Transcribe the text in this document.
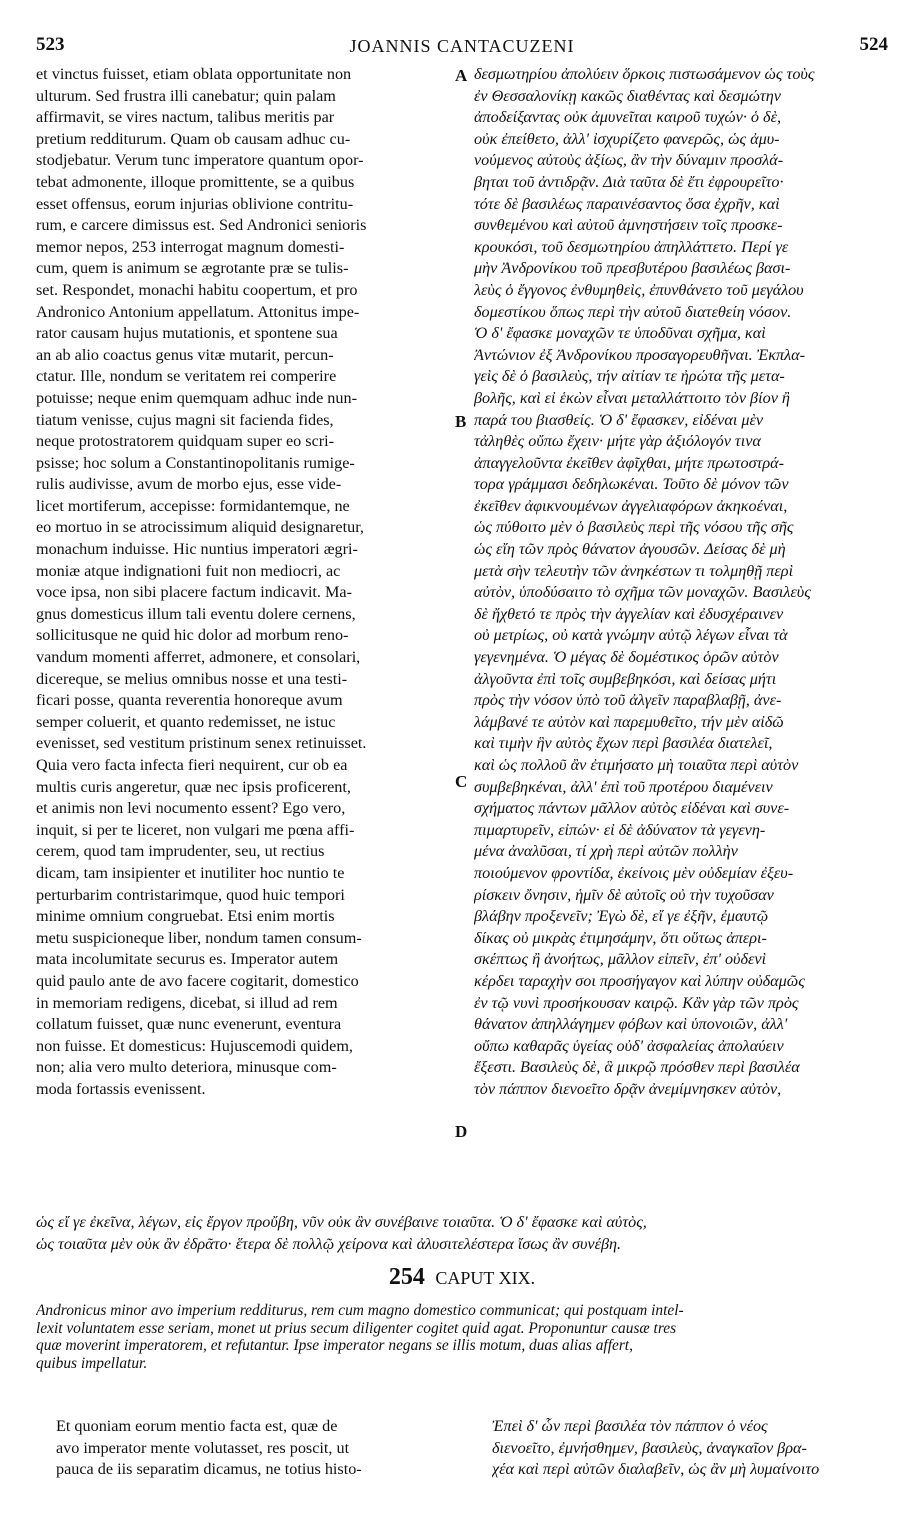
523	JOANNIS CANTACUZENI	524
et vinctus fuisset, etiam oblata opportunitate non
ulturum. Sed frustra illi canebatur; quin palam
affirmavit, se vires nactum, talibus meritis par
pretium redditurum. Quam ob causam adhuc cu-
stodjebatur. Verum tunc imperatore quantum opor-
tebat admonente, illoque promittente, se a quibus
esset offensus, eorum injurias oblivione contritu-
rum, e carcere dimissus est. Sed Andronici senioris
memor nepos, 253 interrogat magnum domesti-
cum, quem is animum se ægrotante præ se tulis-
set. Respondet, monachi habitu coopertum, et pro
Andronico Antonium appellatum. Attonitus impe-
rator causam hujus mutationis, et spontene sua
an ab alio coactus genus vitæ mutarit, percun-
ctatur. Ille, nondum se veritatem rei comperire
potuisse; neque enim quemquam adhuc inde nun-
tiatum venisse, cujus magni sit facienda fides,
neque protostratorem quidquam super eo scri-
psisse; hoc solum a Constantinopolitanis rumige-
rulis audivisse, avum de morbo ejus, esse vide-
licet mortiferum, accepisse: formidantemque, ne
eo mortuo in se atrocissimum aliquid designaretur,
monachum induisse. Hic nuntius imperatori ægri-
moniæ atque indignationi fuit non mediocri, ac
voce ipsa, non sibi placere factum indicavit. Ma-
gnus domesticus illum tali eventu dolere cernens,
sollicitusque ne quid hic dolor ad morbum reno-
vandum momenti afferret, admonere, et consolari,
dicereque, se melius omnibus nosse et una testi-
ficari posse, quanta reverentia honoreque avum
semper coluerit, et quanto redemisset, ne istuc
evenisset, sed vestitum pristinum senex retinuisset.
Quia vero facta infecta fieri nequirent, cur ob ea
multis curis angeretur, quæ nec ipsis proficerent,
et animis non levi nocumento essent? Ego vero,
inquit, si per te liceret, non vulgari me pœna affi-
cerem, quod tam imprudenter, seu, ut rectius
dicam, tam insipienter et inutiliter hoc nuntio te
perturbarim contristarimque, quod huic tempori
minime omnium congruebat. Etsi enim mortis
metu suspicioneque liber, nondum tamen consum-
mata incolumitate securus es. Imperator autem
quid paulo ante de avo facere cogitarit, domestico
in memoriam redigens, dicebat, si illud ad rem
collatum fuisset, quæ nunc evenerunt, eventura
non fuisse. Et domesticus: Hujuscemodi quidem,
non; alia vero multo deteriora, minusque com-
moda fortassis evenissent.
δεσμωτηρίου ἀπολύειν ὅρκοις πιστωσάμενον ὡς τοὺς
ἐν Θεσσαλονίκῃ κακῶς διαθέντας καὶ δεσμώτην
ἀποδείξαντας οὐκ ἀμυνεῖται καιροῦ τυχών· ὁ δὲ,
οὐκ ἐπείθετο, ἀλλ' ἰσχυρίζετο φανερῶς, ὡς ἀμυ-
νούμενος αὐτοὺς ἀξίως, ἂν τὴν δύναμιν προσλά-
βηται τοῦ ἀντιδρᾷν. Διὰ ταῦτα δὲ ἔτι ἐφρουρεῖτο·
τότε δὲ βασιλέως παραινέσαντος ὅσα ἐχρῆν, καὶ
συνθεμένου καὶ αὐτοῦ ἀμνηστήσειν τοῖς προσκε-
κρουκόσι, τοῦ δεσμωτηρίου ἀπηλλάττετο. Περί γε
μὴν Ἀνδρονίκου τοῦ πρεσβυτέρου βασιλέως βασι-
λεὺς ὁ ἔγγονος ἐνθυμηθεὶς, ἐπυνθάνετο τοῦ μεγάλου
δομεστίκου ὅπως περὶ τὴν αὐτοῦ διατεθείη νόσον.
Ὁ δ' ἔφασκε μοναχῶν τε ὑποδῦναι σχῆμα, καὶ
Ἀντώνιον ἐξ Ἀνδρονίκου προσαγορευθῆναι. Ἐκπλα-
γεὶς δὲ ὁ βασιλεὺς, τήν αἰτίαν τε ἠρώτα τῆς μετα-
βολῆς, καὶ εἰ ἑκὼν εἶναι μεταλλάττοιτο τὸν βίον ἢ
παρά του βιασθείς. Ὁ δ' ἔφασκεν, εἰδέναι μὲν
τἀληθὲς οὔπω ἔχειν· μήτε γὰρ ἀξιόλογόν τινα
ἀπαγγελοῦντα ἐκεῖθεν ἀφῖχθαι, μήτε πρωτοστρά-
τορα γράμμασι δεδηλωκέναι. Τοῦτο δὲ μόνον τῶν
ἐκεῖθεν ἀφικνουμένων ἀγγελιαφόρων ἀκηκοέναι,
ὡς πύθοιτο μὲν ὁ βασιλεὺς περὶ τῆς νόσου τῆς σῆς
ὡς εἴη τῶν πρὸς θάνατον ἀγουσῶν. Δείσας δὲ μὴ
μετὰ σὴν τελευτὴν τῶν ἀνηκέστων τι τολμηθῇ περὶ
αὐτὸν, ὑποδύσαιτο τὸ σχῆμα τῶν μοναχῶν. Βασιλεὺς
δὲ ἤχθετό τε πρὸς τὴν ἀγγελίαν καὶ ἐδυσχέραινεν
οὐ μετρίως, οὐ κατὰ γνώμην αὐτῷ λέγων εἶναι τὰ
γεγενημένα. Ὁ μέγας δὲ δομέστικος ὁρῶν αὐτὸν
ἀλγοῦντα ἐπὶ τοῖς συμβεβηκόσι, καὶ δείσας μήτι
πρὸς τὴν νόσον ὑπὸ τοῦ ἀλγεῖν παραβλαβῇ, ἀνε-
λάμβανέ τε αὐτὸν καὶ παρεμυθεῖτο, τήν μὲν αἰδῶ
καὶ τιμὴν ἣν αὐτὸς ἔχων περὶ βασιλέα διατελεῖ,
καὶ ὡς πολλοῦ ἂν ἐτιμήσατο μὴ τοιαῦτα περὶ αὐτὸν
συμβεβηκέναι, ἀλλ' ἐπὶ τοῦ προτέρου διαμένειν
σχήματος πάντων μᾶλλον αὐτὸς εἰδέναι καὶ συνε-
πιμαρτυρεῖν, εἰπών· εἰ δὲ ἀδύνατον τὰ γεγενη-
μένα ἀναλῦσαι, τί χρὴ περὶ αὐτῶν πολλὴν
ποιούμενον φροντίδα, ἐκείνοις μὲν οὐδεμίαν ἐξευ-
ρίσκειν ὄνησιν, ἡμῖν δὲ αὐτοῖς οὐ τὴν τυχοῦσαν
βλάβην προξενεῖν; Ἐγὼ δὲ, εἴ γε ἐξῆν, ἐμαυτῷ
δίκας οὐ μικρὰς ἐτιμησάμην, ὅτι οὕτως ἀπερι-
σκέπτως ἢ ἀνοήτως, μᾶλλον εἰπεῖν, ἐπ' οὐδενὶ
κέρδει ταραχὴν σοι προσήγαγον καὶ λύπην οὐδαμῶς
ἐν τῷ νυνὶ προσήκουσαν καιρῷ. Κἂν γὰρ τῶν πρὸς
θάνατον ἀπηλλάγημεν φόβων καὶ ὑπονοιῶν, ἀλλ'
οὔπω καθαρᾶς ὑγείας οὐδ' ἀσφαλείας ἀπολαύειν
ἔξεστι. Βασιλεὺς δὲ, ἃ μικρῷ πρόσθεν περὶ βασιλέα
τὸν πάππον διενοεῖτο δρᾷν ἀνεμίμνησκεν αὐτὸν,
A
B
C
D
ὡς εἴ γε ἐκεῖνα, λέγων, εἰς ἔργον προὔβη, νῦν οὐκ ἂν συνέβαινε τοιαῦτα. Ὁ δ' ἔφασκε καὶ αὐτὸς,
ὡς τοιαῦτα μὲν οὐκ ἂν ἐδρᾶτο· ἕτερα δὲ πολλῷ χείρονα καὶ ἀλυσιτελέστερα ἴσως ἂν συνέβη.
254 CAPUT XIX.
Andronicus minor avo imperium redditurus, rem cum magno domestico communicat; qui postquam intel-
lexit voluntatem esse seriam, monet ut prius secum diligenter cogitet quid agat. Proponuntur causæ tres
quæ moverint imperatorem, et refutantur. Ipse imperator negans se illis motum, duas alias affert,
quibus impellatur.
Et quoniam eorum mentio facta est, quæ de
avo imperator mente volutasset, res poscit, ut
pauca de iis separatim dicamus, ne totius histo-
Ἐπεὶ δ' ὧν περὶ βασιλέα τὸν πάππον ὁ νέος
διενοεῖτο, ἐμνήσθημεν, βασιλεὺς, ἀναγκαῖον βρα-
χέα καὶ περὶ αὐτῶν διαλαβεῖν, ὡς ἂν μὴ λυμαίνοιτο
